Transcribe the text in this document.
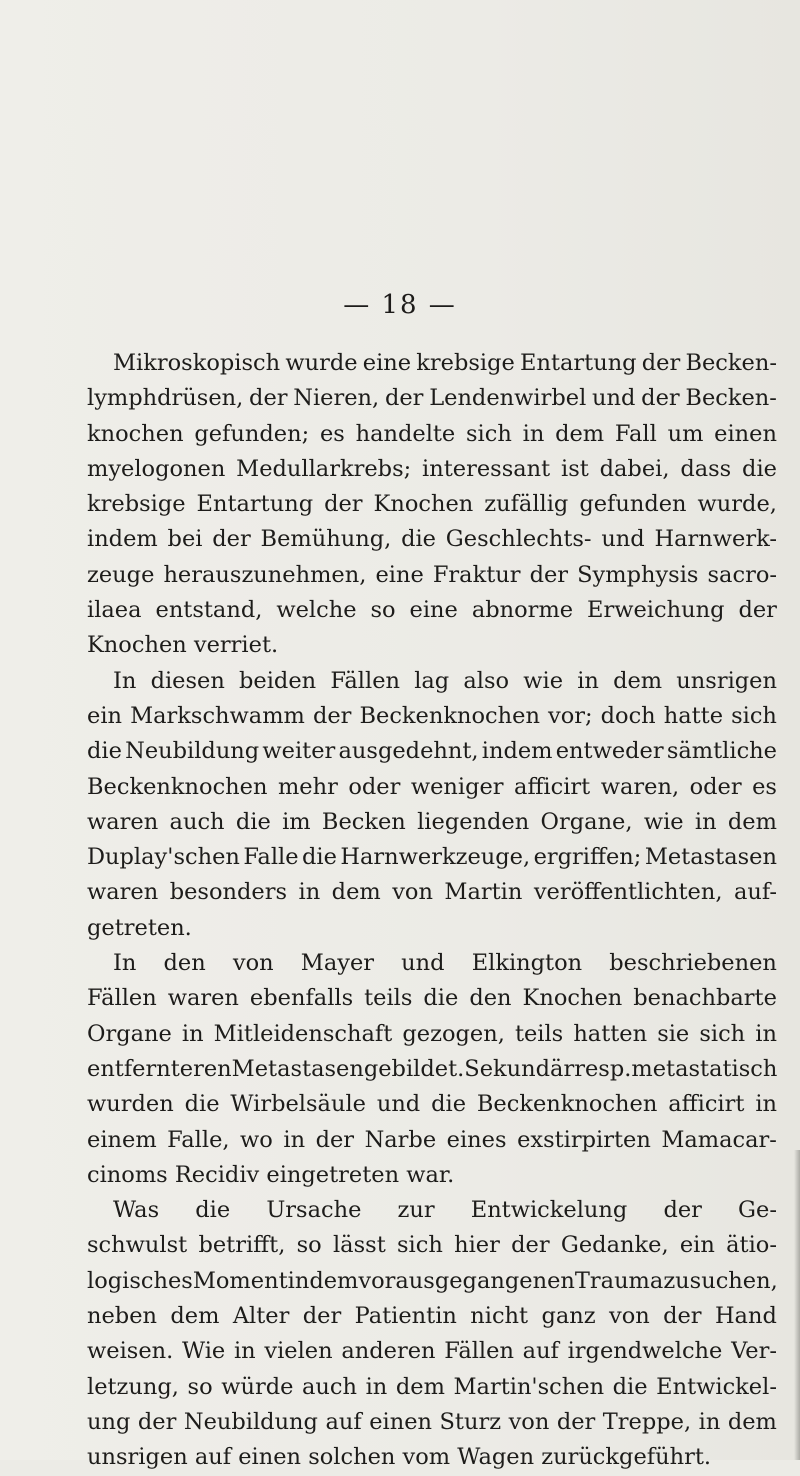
— 18 —
Mikroskopisch wurde eine krebsige Entartung der Becken-
lymphdrüsen, der Nieren, der Lendenwirbel und der Becken-
knochen gefunden; es handelte sich in dem Fall um einen
myelogonen Medullarkrebs; interessant ist dabei, dass die
krebsige Entartung der Knochen zufällig gefunden wurde,
indem bei der Bemühung, die Geschlechts- und Harnwerk-
zeuge herauszunehmen, eine Fraktur der Symphysis sacro-
ilaea entstand, welche so eine abnorme Erweichung der
Knochen verriet.
In diesen beiden Fällen lag also wie in dem unsrigen
ein Markschwamm der Beckenknochen vor; doch hatte sich
die Neubildung weiter ausgedehnt, indem entweder sämtliche
Beckenknochen mehr oder weniger afficirt waren, oder es
waren auch die im Becken liegenden Organe, wie in dem
Duplay'schen Falle die Harnwerkzeuge, ergriffen; Metastasen
waren besonders in dem von Martin veröffentlichten, auf-
getreten.
In den von Mayer und Elkington beschriebenen
Fällen waren ebenfalls teils die den Knochen benachbarte
Organe in Mitleidenschaft gezogen, teils hatten sie sich in
entfernteren Metastasen gebildet. Sekundär resp. metastatisch
wurden die Wirbelsäule und die Beckenknochen afficirt in
einem Falle, wo in der Narbe eines exstirpirten Mamacar-
cinoms Recidiv eingetreten war.
Was die Ursache zur Entwickelung der Ge-
schwulst betrifft, so lässt sich hier der Gedanke, ein ätio-
logisches Moment in dem vorausgegangenen Trauma zu suchen,
neben dem Alter der Patientin nicht ganz von der Hand
weisen. Wie in vielen anderen Fällen auf irgendwelche Ver-
letzung, so würde auch in dem Martin'schen die Entwickel-
ung der Neubildung auf einen Sturz von der Treppe, in dem
unsrigen auf einen solchen vom Wagen zurückgeführt.
